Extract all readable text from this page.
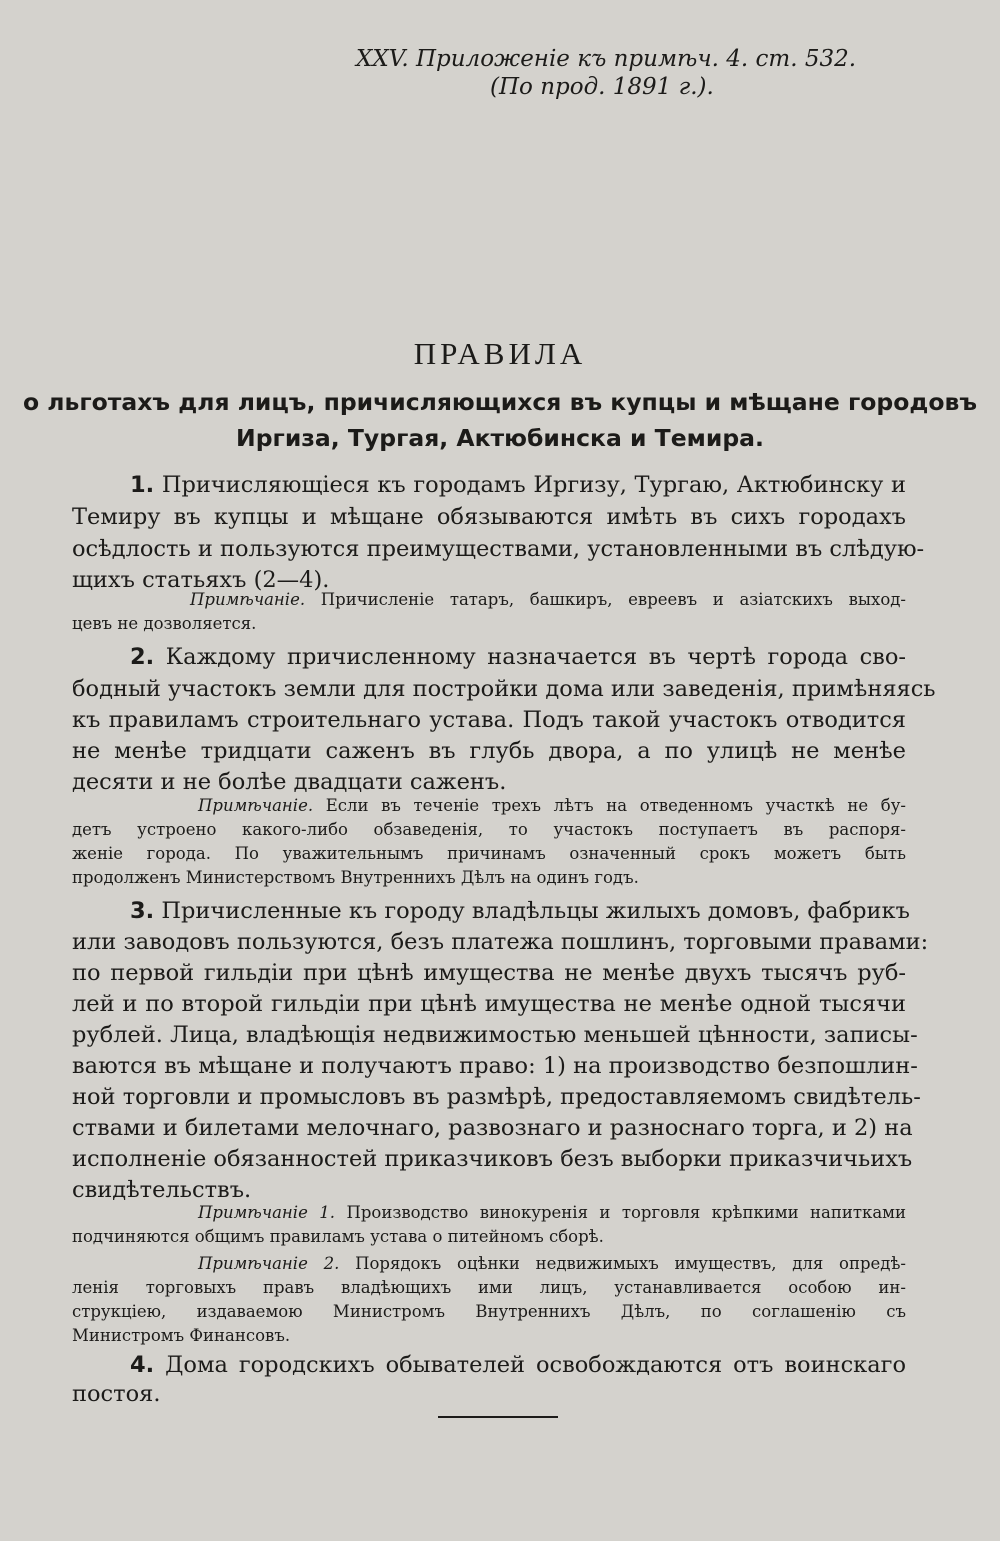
XXV. Приложеніе къ примѣч. 4. ст. 532.
(По прод. 1891 г.).
ПРАВИЛА
о льготахъ для лицъ, причисляющихся въ купцы и мѣщане городовъ
Иргиза, Тургая, Актюбинска и Темира.
1. Причисляющіеся къ городамъ Иргизу, Тургаю, Актюбинску и
Темиру въ купцы и мѣщане обязываются имѣть въ сихъ городахъ
осѣдлость и пользуются преимуществами, установленными въ слѣдую-
щихъ статьяхъ (2—4).
Примѣчаніе. Причисленіе татаръ, башкиръ, евреевъ и азіатскихъ выход-
цевъ не дозволяется.
2. Каждому причисленному назначается въ чертѣ города сво-
бодный участокъ земли для постройки дома или заведенія, примѣняясь
къ правиламъ строительнаго устава. Подъ такой участокъ отводится
не менѣе тридцати саженъ въ глубь двора, а по улицѣ не менѣе
десяти и не болѣе двадцати саженъ.
Примѣчаніе. Если въ теченіе трехъ лѣтъ на отведенномъ участкѣ не бу-
детъ устроено какого-либо обзаведенія, то участокъ поступаетъ въ распоря-
женіе города. По уважительнымъ причинамъ означенный срокъ можетъ быть
продолженъ Министерствомъ Внутреннихъ Дѣлъ на одинъ годъ.
3. Причисленные къ городу владѣльцы жилыхъ домовъ, фабрикъ
или заводовъ пользуются, безъ платежа пошлинъ, торговыми правами:
по первой гильдіи при цѣнѣ имущества не менѣе двухъ тысячъ руб-
лей и по второй гильдіи при цѣнѣ имущества не менѣе одной тысячи
рублей. Лица, владѣющія недвижимостью меньшей цѣнности, записы-
ваются въ мѣщане и получаютъ право: 1) на производство безпошлин-
ной торговли и промысловъ въ размѣрѣ, предоставляемомъ свидѣтель-
ствами и билетами мелочнаго, развознаго и разноснаго торга, и 2) на
исполненіе обязанностей приказчиковъ безъ выборки приказчичьихъ
свидѣтельствъ.
Примѣчаніе 1. Производство винокуренія и торговля крѣпкими напитками
подчиняются общимъ правиламъ устава о питейномъ сборѣ.
Примѣчаніе 2. Порядокъ оцѣнки недвижимыхъ имуществъ, для опредѣ-
ленія торговыхъ правъ владѣющихъ ими лицъ, устанавливается особою ин-
струкціею, издаваемою Министромъ Внутреннихъ Дѣлъ, по соглашенію съ
Министромъ Финансовъ.
4. Дома городскихъ обывателей освобождаются отъ воинскаго
постоя.
